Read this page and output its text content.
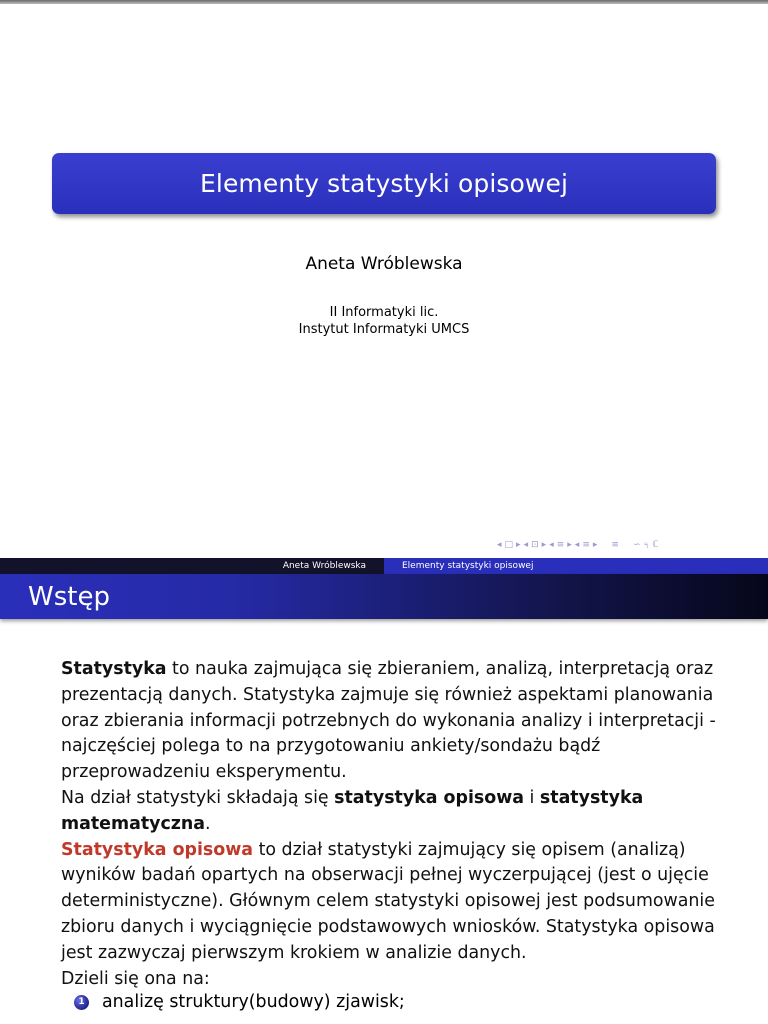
Elementy statystyki opisowej
Aneta Wróblewska
II Informatyki lic.
Instytut Informatyki UMCS
◂ □ ▸ ◂ ⊡ ▸ ◂ ≡ ▸ ◂ ≡ ▸ ≡ ∽ ৭ ℂ
Aneta Wróblewska	Elementy statystyki opisowej
Wstęp

Statystyka to nauka zajmująca się zbieraniem, analizą, interpretacją oraz prezentacją danych. Statystyka zajmuje się również aspektami planowania oraz zbierania informacji potrzebnych do wykonania analizy i interpretacji - najczęściej polega to na przygotowaniu ankiety/sondażu bądź przeprowadzeniu eksperymentu.

Na dział statystyki składają się statystyka opisowa i statystyka matematyczna.

Statystyka opisowa to dział statystyki zajmujący się opisem (analizą) wyników badań opartych na obserwacji pełnej wyczerpującej (jest o ujęcie deterministyczne). Głównym celem statystyki opisowej jest podsumowanie zbioru danych i wyciągnięcie podstawowych wniosków. Statystyka opisowa jest zazwyczaj pierwszym krokiem w analizie danych.

Dzieli się ona na:

1 analizę struktury(budowy) zjawisk;
